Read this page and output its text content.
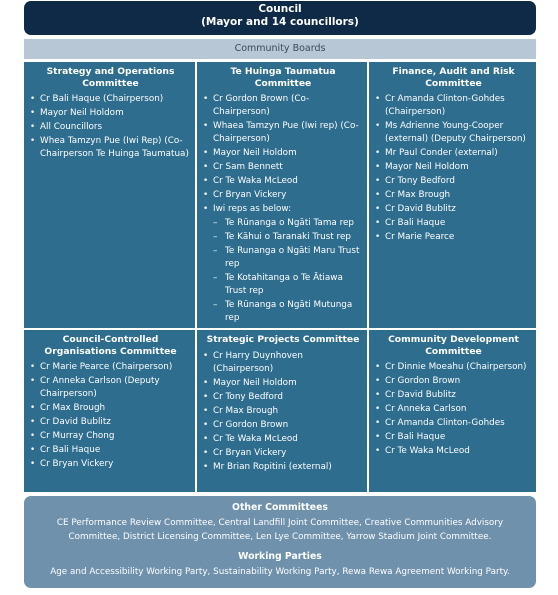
Council
(Mayor and 14 councillors)
Community Boards
Strategy and Operations Committee
• Cr Bali Haque (Chairperson)
• Mayor Neil Holdom
• All Councillors
• Whea Tamzyn Pue (Iwi Rep) (Co-Chairperson Te Huinga Taumatua)
Te Huinga Taumatua Committee
• Cr Gordon Brown (Co-Chairperson)
• Whaea Tamzyn Pue (Iwi rep) (Co-Chairperson)
• Mayor Neil Holdom
• Cr Sam Bennett
• Cr Te Waka McLeod
• Cr Bryan Vickery
• Iwi reps as below:
– Te Rūnanga o Ngāti Tama rep
– Te Kāhui o Taranaki Trust rep
– Te Runanga o Ngāti Maru Trust rep
– Te Kotahitanga o Te Ātiawa Trust rep
– Te Rūnanga o Ngāti Mutunga rep
Finance, Audit and Risk Committee
• Cr Amanda Clinton-Gohdes (Chairperson)
• Ms Adrienne Young-Cooper (external) (Deputy Chairperson)
• Mr Paul Conder (external)
• Mayor Neil Holdom
• Cr Tony Bedford
• Cr Max Brough
• Cr David Bublitz
• Cr Bali Haque
• Cr Marie Pearce
Council-Controlled Organisations Committee
• Cr Marie Pearce (Chairperson)
• Cr Anneka Carlson (Deputy Chairperson)
• Cr Max Brough
• Cr David Bublitz
• Cr Murray Chong
• Cr Bali Haque
• Cr Bryan Vickery
Strategic Projects Committee
• Cr Harry Duynhoven (Chairperson)
• Mayor Neil Holdom
• Cr Tony Bedford
• Cr Max Brough
• Cr Gordon Brown
• Cr Te Waka McLeod
• Cr Bryan Vickery
• Mr Brian Ropitini (external)
Community Development Committee
• Cr Dinnie Moeahu (Chairperson)
• Cr Gordon Brown
• Cr David Bublitz
• Cr Anneka Carlson
• Cr Amanda Clinton-Gohdes
• Cr Bali Haque
• Cr Te Waka McLeod
Other Committees

CE Performance Review Committee, Central Landfill Joint Committee, Creative Communities Advisory Committee, District Licensing Committee, Len Lye Committee, Yarrow Stadium Joint Committee.

Working Parties

Age and Accessibility Working Party, Sustainability Working Party, Rewa Rewa Agreement Working Party.
